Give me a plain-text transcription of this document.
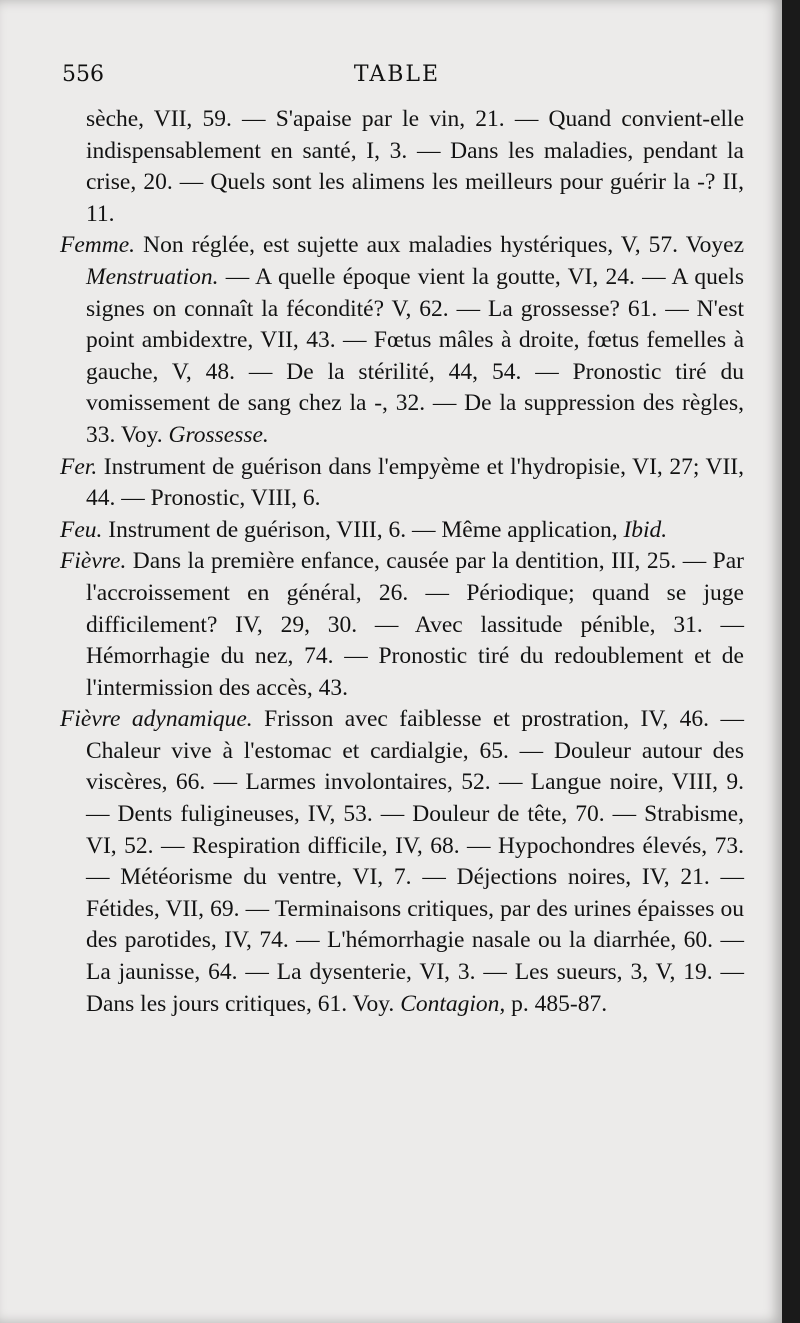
556	TABLE

sèche, VII, 59. — S'apaise par le vin, 21. — Quand convient-elle indispensablement en santé, I, 3. — Dans les maladies, pendant la crise, 20. — Quels sont les alimens les meilleurs pour guérir la -? II, 11.

Femme. Non réglée, est sujette aux maladies hystériques, V, 57. Voyez Menstruation. — A quelle époque vient la goutte, VI, 24. — A quels signes on connaît la fécondité? V, 62. — La grossesse? 61. — N'est point ambidextre, VII, 43. — Fœtus mâles à droite, fœtus femelles à gauche, V, 48. — De la stérilité, 44, 54. — Pronostic tiré du vomissement de sang chez la -, 32. — De la suppression des règles, 33. Voy. Grossesse.

Fer. Instrument de guérison dans l'empyème et l'hydropisie, VI, 27; VII, 44. — Pronostic, VIII, 6.

Feu. Instrument de guérison, VIII, 6. — Même application, Ibid.

Fièvre. Dans la première enfance, causée par la dentition, III, 25. — Par l'accroissement en général, 26. — Périodique; quand se juge difficilement? IV, 29, 30. — Avec lassitude pénible, 31. — Hémorrhagie du nez, 74. — Pronostic tiré du redoublement et de l'intermission des accès, 43.

Fièvre adynamique. Frisson avec faiblesse et prostration, IV, 46. — Chaleur vive à l'estomac et cardialgie, 65. — Douleur autour des viscères, 66. — Larmes involontaires, 52. — Langue noire, VIII, 9. — Dents fuligineuses, IV, 53. — Douleur de tête, 70. — Strabisme, VI, 52. — Respiration difficile, IV, 68. — Hypochondres élevés, 73. — Météorisme du ventre, VI, 7. — Déjections noires, IV, 21. — Fétides, VII, 69. — Terminaisons critiques, par des urines épaisses ou des parotides, IV, 74. — L'hémorrhagie nasale ou la diarrhée, 60. — La jaunisse, 64. — La dysenterie, VI, 3. — Les sueurs, 3, V, 19. — Dans les jours critiques, 61. Voy. Contagion, p. 485-87.
